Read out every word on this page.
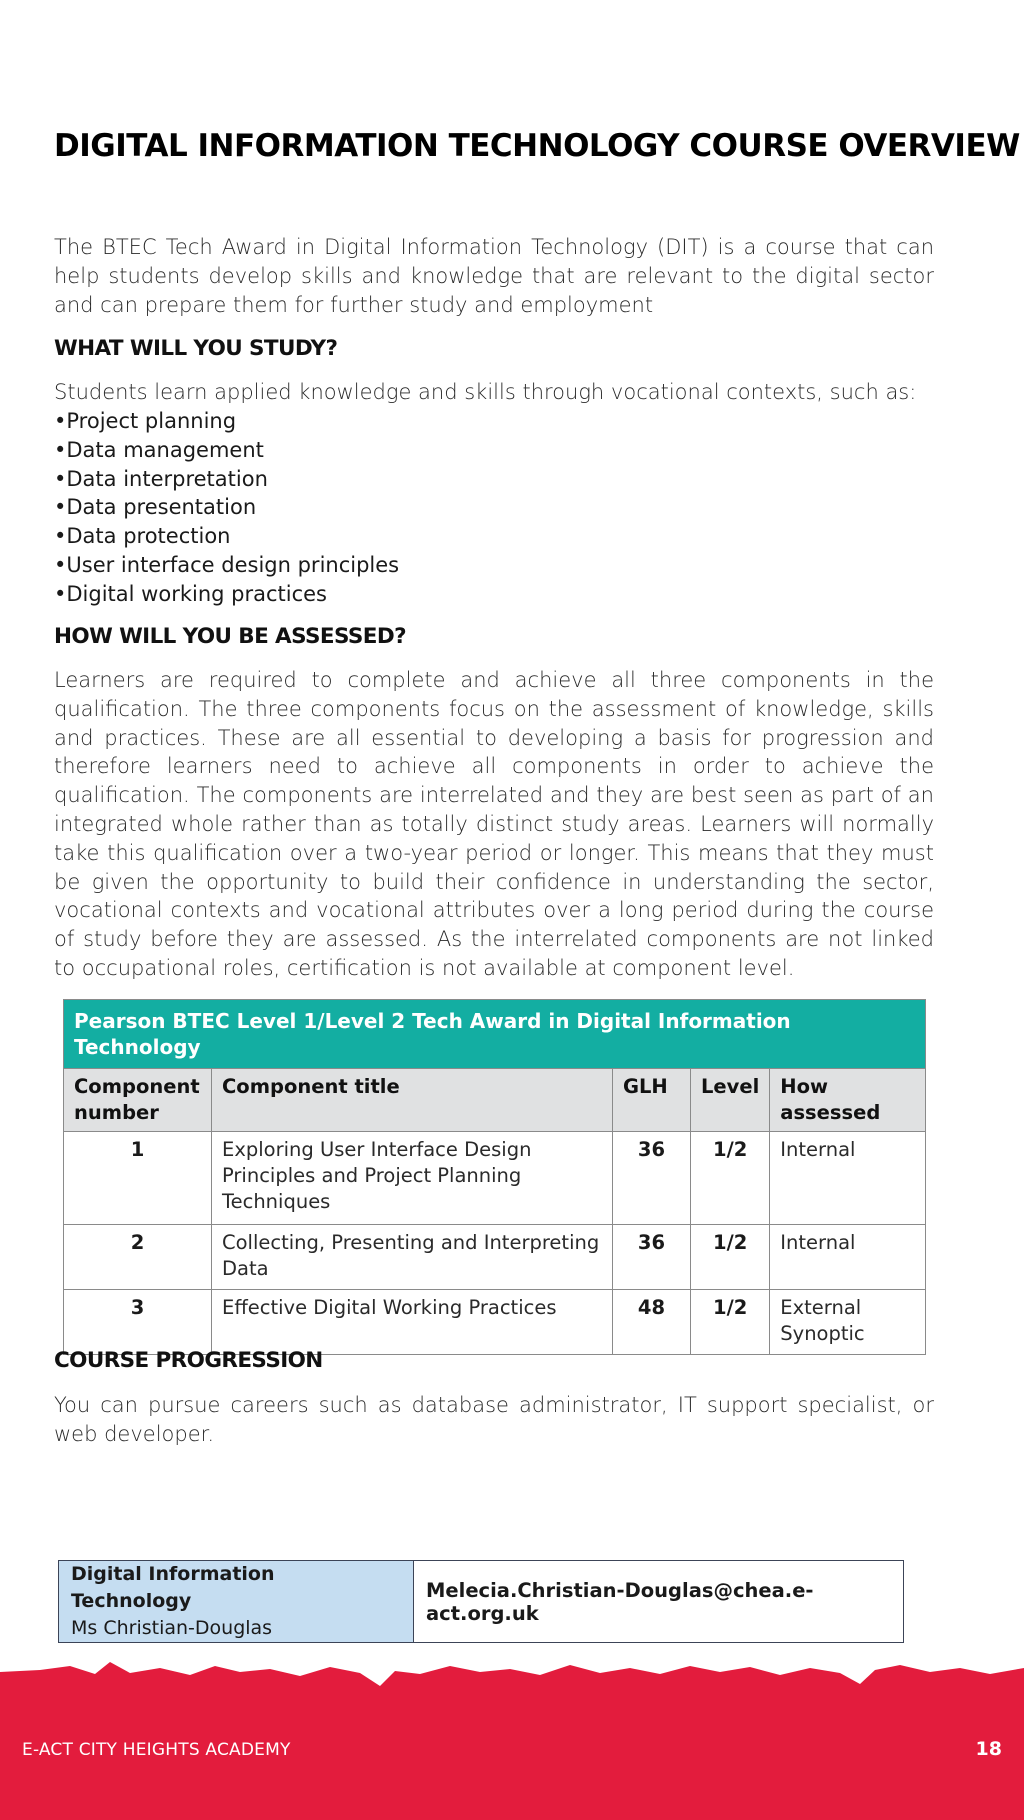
DIGITAL INFORMATION TECHNOLOGY COURSE OVERVIEW

The BTEC Tech Award in Digital Information Technology (DIT) is a course that can help students develop skills and knowledge that are relevant to the digital sector and can prepare them for further study and employment

WHAT WILL YOU STUDY?

Students learn applied knowledge and skills through vocational contexts, such as:

• Project planning
• Data management
• Data interpretation
• Data presentation
• Data protection
• User interface design principles
• Digital working practices
HOW WILL YOU BE ASSESSED?

Learners are required to complete and achieve all three components in the qualification. The three components focus on the assessment of knowledge, skills and practices. These are all essential to developing a basis for progression and therefore learners need to achieve all components in order to achieve the qualification. The components are interrelated and they are best seen as part of an integrated whole rather than as totally distinct study areas. Learners will normally take this qualification over a two-year period or longer. This means that they must be given the opportunity to build their confidence in understanding the sector, vocational contexts and vocational attributes over a long period during the course of study before they are assessed. As the interrelated components are not linked to occupational roles, certification is not available at component level.

Pearson BTEC Level 1/Level 2 Tech Award in Digital Information Technology				
Component number	Component title	GLH	Level	How assessed
1	Exploring User Interface Design Principles and Project Planning Techniques	36	1/2	Internal
2	Collecting, Presenting and Interpreting Data	36	1/2	Internal
3	Effective Digital Working Practices	48	1/2	External Synoptic
COURSE PROGRESSION

You can pursue careers such as database administrator, IT support specialist, or web developer.

Digital Information Technology
Ms Christian-Douglas
	Melecia.Christian-Douglas@chea.e-act.org.uk
E-ACT CITY HEIGHTS ACADEMY	18
